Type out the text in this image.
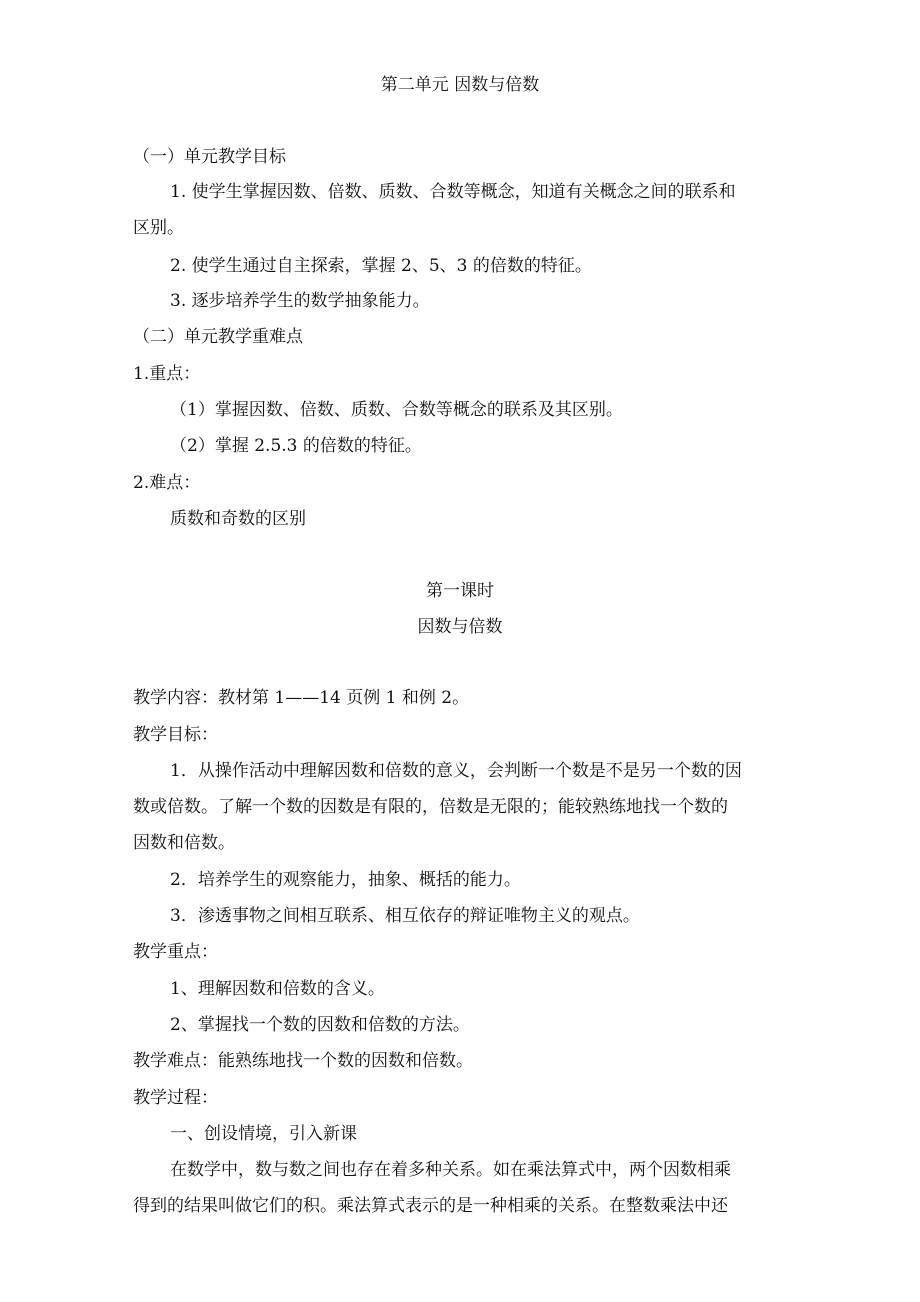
第二单元 因数与倍数
（一）单元教学目标
1. 使学生掌握因数、倍数、质数、合数等概念，知道有关概念之间的联系和
区别。
2. 使学生通过自主探索，掌握 2、5、3 的倍数的特征。
3. 逐步培养学生的数学抽象能力。
（二）单元教学重难点
1.重点：
（1）掌握因数、倍数、质数、合数等概念的联系及其区别。
（2）掌握 2.5.3 的倍数的特征。
2.难点：
质数和奇数的区别
第一课时
因数与倍数
教学内容：教材第 1——14 页例 1 和例 2。
教学目标：
1．从操作活动中理解因数和倍数的意义，会判断一个数是不是另一个数的因
数或倍数。了解一个数的因数是有限的，倍数是无限的；能较熟练地找一个数的
因数和倍数。
2．培养学生的观察能力，抽象、概括的能力。
3．渗透事物之间相互联系、相互依存的辩证唯物主义的观点。
教学重点：
1、理解因数和倍数的含义。
2、掌握找一个数的因数和倍数的方法。
教学难点：能熟练地找一个数的因数和倍数。
教学过程：
一、创设情境，引入新课
在数学中，数与数之间也存在着多种关系。如在乘法算式中，两个因数相乘
得到的结果叫做它们的积。乘法算式表示的是一种相乘的关系。在整数乘法中还
